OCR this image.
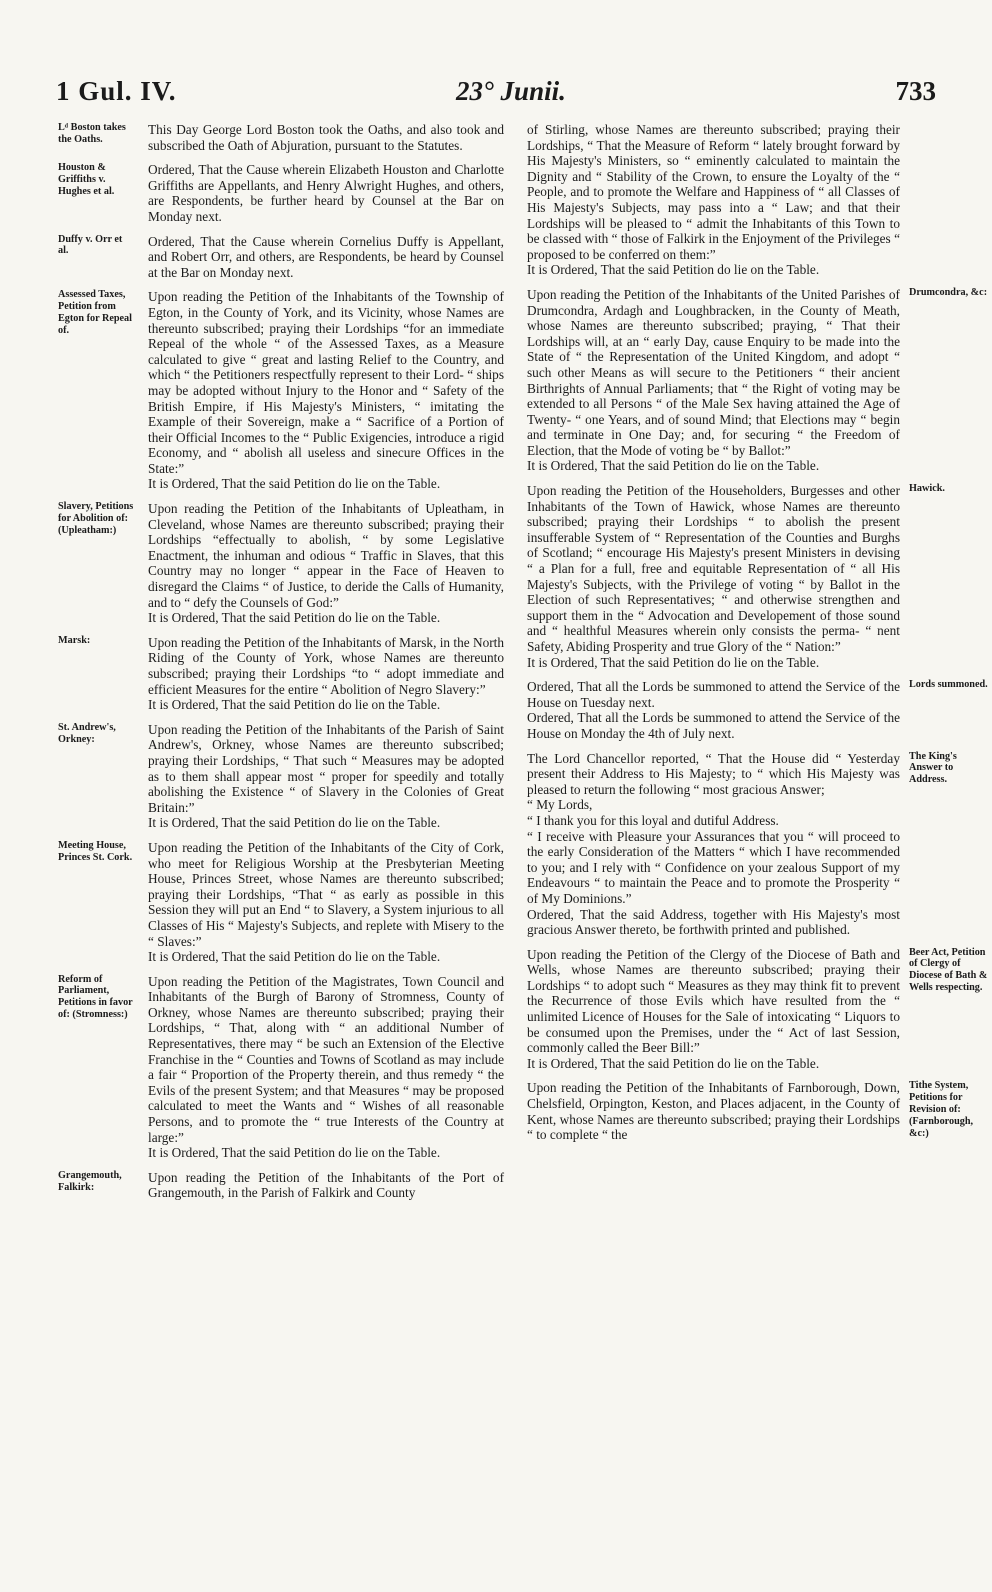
1 Gul. IV.	23° Junii.	733
Lᵈ Boston takes the Oaths.

This Day George Lord Boston took the Oaths, and also took and subscribed the Oath of Abjuration, pursuant to the Statutes.

Houston & Griffiths v. Hughes et al.

Ordered, That the Cause wherein Elizabeth Houston and Charlotte Griffiths are Appellants, and Henry Alwright Hughes, and others, are Respondents, be further heard by Counsel at the Bar on Monday next.

Duffy v. Orr et al.

Ordered, That the Cause wherein Cornelius Duffy is Appellant, and Robert Orr, and others, are Respondents, be heard by Counsel at the Bar on Monday next.

Assessed Taxes, Petition from Egton for Repeal of.

Upon reading the Petition of the Inhabitants of the Township of Egton, in the County of York, and its Vicinity, whose Names are thereunto subscribed; praying their Lordships “for an immediate Repeal of the whole “ of the Assessed Taxes, as a Measure calculated to give “ great and lasting Relief to the Country, and which “ the Petitioners respectfully represent to their Lord- “ ships may be adopted without Injury to the Honor and “ Safety of the British Empire, if His Majesty's Ministers, “ imitating the Example of their Sovereign, make a “ Sacrifice of a Portion of their Official Incomes to the “ Public Exigencies, introduce a rigid Economy, and “ abolish all useless and sinecure Offices in the State:”

It is Ordered, That the said Petition do lie on the Table.

Slavery, Petitions for Abolition of: (Upleatham:)

Upon reading the Petition of the Inhabitants of Upleatham, in Cleveland, whose Names are thereunto subscribed; praying their Lordships “effectually to abolish, “ by some Legislative Enactment, the inhuman and odious “ Traffic in Slaves, that this Country may no longer “ appear in the Face of Heaven to disregard the Claims “ of Justice, to deride the Calls of Humanity, and to “ defy the Counsels of God:”

It is Ordered, That the said Petition do lie on the Table.

Marsk:	Upon reading the Petition of the Inhabitants of Marsk, in the North Riding of the County of York, whose Names are thereunto subscribed; praying their Lordships “to “ adopt immediate and efficient Measures for the entire “ Abolition of Negro Slavery:”

It is Ordered, That the said Petition do lie on the Table.

St. Andrew's, Orkney:

Upon reading the Petition of the Inhabitants of the Parish of Saint Andrew's, Orkney, whose Names are thereunto subscribed; praying their Lordships, “ That such “ Measures may be adopted as to them shall appear most “ proper for speedily and totally abolishing the Existence “ of Slavery in the Colonies of Great Britain:”

It is Ordered, That the said Petition do lie on the Table.

Meeting House, Princes St. Cork.

Upon reading the Petition of the Inhabitants of the City of Cork, who meet for Religious Worship at the Presbyterian Meeting House, Princes Street, whose Names are thereunto subscribed; praying their Lordships, “That “ as early as possible in this Session they will put an End “ to Slavery, a System injurious to all Classes of His “ Majesty's Subjects, and replete with Misery to the “ Slaves:”

It is Ordered, That the said Petition do lie on the Table.

Reform of Parliament, Petitions in favor of: (Stromness:)

Upon reading the Petition of the Magistrates, Town Council and Inhabitants of the Burgh of Barony of Stromness, County of Orkney, whose Names are thereunto subscribed; praying their Lordships, “ That, along with “ an additional Number of Representatives, there may “ be such an Extension of the Elective Franchise in the “ Counties and Towns of Scotland as may include a fair “ Proportion of the Property therein, and thus remedy “ the Evils of the present System; and that Measures “ may be proposed calculated to meet the Wants and “ Wishes of all reasonable Persons, and to promote the “ true Interests of the Country at large:”

It is Ordered, That the said Petition do lie on the Table.

Grangemouth, Falkirk:

Upon reading the Petition of the Inhabitants of the Port of Grangemouth, in the Parish of Falkirk and County

of Stirling, whose Names are thereunto subscribed; praying their Lordships, “ That the Measure of Reform “ lately brought forward by His Majesty's Ministers, so “ eminently calculated to maintain the Dignity and “ Stability of the Crown, to ensure the Loyalty of the “ People, and to promote the Welfare and Happiness of “ all Classes of His Majesty's Subjects, may pass into a “ Law; and that their Lordships will be pleased to “ admit the Inhabitants of this Town to be classed with “ those of Falkirk in the Enjoyment of the Privileges “ proposed to be conferred on them:”

It is Ordered, That the said Petition do lie on the Table.

Drumcondra, &c:

Upon reading the Petition of the Inhabitants of the United Parishes of Drumcondra, Ardagh and Loughbracken, in the County of Meath, whose Names are thereunto subscribed; praying, “ That their Lordships will, at an “ early Day, cause Enquiry to be made into the State of “ the Representation of the United Kingdom, and adopt “ such other Means as will secure to the Petitioners “ their ancient Birthrights of Annual Parliaments; that “ the Right of voting may be extended to all Persons “ of the Male Sex having attained the Age of Twenty- “ one Years, and of sound Mind; that Elections may “ begin and terminate in One Day; and, for securing “ the Freedom of Election, that the Mode of voting be “ by Ballot:”

It is Ordered, That the said Petition do lie on the Table.

Hawick.

Upon reading the Petition of the Householders, Burgesses and other Inhabitants of the Town of Hawick, whose Names are thereunto subscribed; praying their Lordships “ to abolish the present insufferable System of “ Representation of the Counties and Burghs of Scotland; “ encourage His Majesty's present Ministers in devising “ a Plan for a full, free and equitable Representation of “ all His Majesty's Subjects, with the Privilege of voting “ by Ballot in the Election of such Representatives; “ and otherwise strengthen and support them in the “ Advocation and Developement of those sound and “ healthful Measures wherein only consists the perma- “ nent Safety, Abiding Prosperity and true Glory of the “ Nation:”

It is Ordered, That the said Petition do lie on the Table.

Lords summoned.

Ordered, That all the Lords be summoned to attend the Service of the House on Tuesday next.

Ordered, That all the Lords be summoned to attend the Service of the House on Monday the 4th of July next.

The King's Answer to Address.

The Lord Chancellor reported, “ That the House did “ Yesterday present their Address to His Majesty; to “ which His Majesty was pleased to return the following “ most gracious Answer;

“ My Lords,

“ I thank you for this loyal and dutiful Address.

“ I receive with Pleasure your Assurances that you “ will proceed to the early Consideration of the Matters “ which I have recommended to you; and I rely with “ Confidence on your zealous Support of my Endeavours “ to maintain the Peace and to promote the Prosperity “ of My Dominions.”

Ordered, That the said Address, together with His Majesty's most gracious Answer thereto, be forthwith printed and published.

Beer Act, Petition of Clergy of Diocese of Bath & Wells respecting.

Upon reading the Petition of the Clergy of the Diocese of Bath and Wells, whose Names are thereunto subscribed; praying their Lordships “ to adopt such “ Measures as they may think fit to prevent the Recurrence of those Evils which have resulted from the “ unlimited Licence of Houses for the Sale of intoxicating “ Liquors to be consumed upon the Premises, under the “ Act of last Session, commonly called the Beer Bill:”

It is Ordered, That the said Petition do lie on the Table.

Tithe System, Petitions for Revision of: (Farnborough, &c:)

Upon reading the Petition of the Inhabitants of Farnborough, Down, Chelsfield, Orpington, Keston, and Places adjacent, in the County of Kent, whose Names are thereunto subscribed; praying their Lordships “ to complete “ the
